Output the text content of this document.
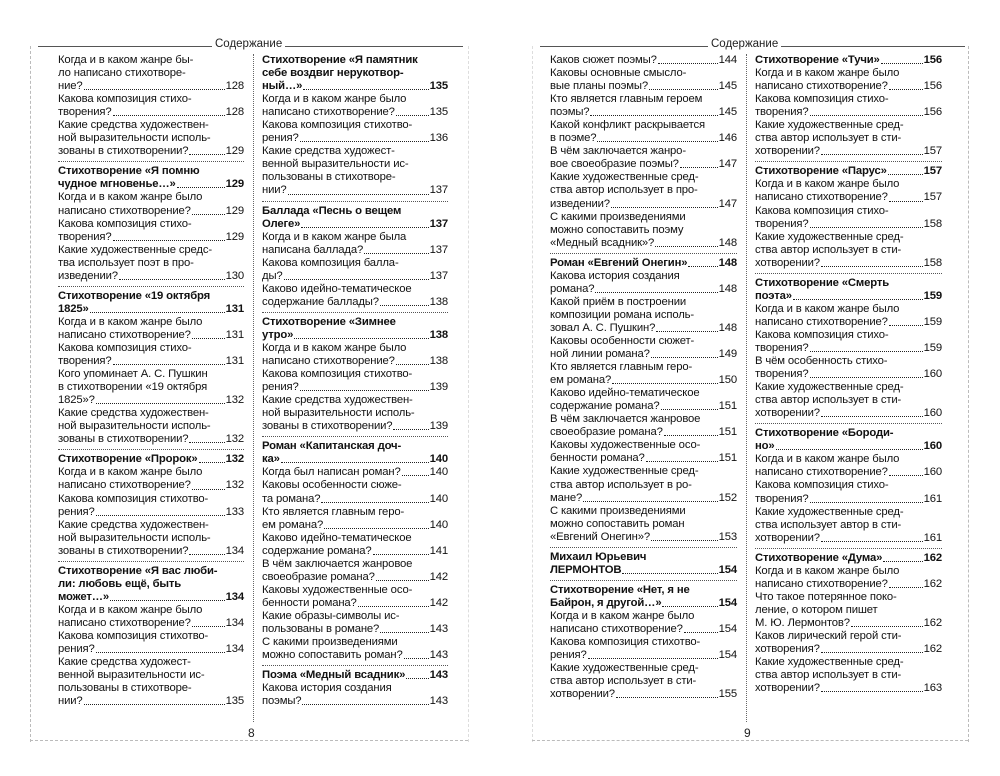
Содержание
Когда и в каком жанре бы-
ло написано стихотворе-
ние?	128
Какова композиция стихо-
творения?	128
Какие средства художествен-
ной выразительности исполь-
зованы в стихотворении?	129
Стихотворение «Я помню
чудное мгновенье…»	129
Когда и в каком жанре было
написано стихотворение?	129
Какова композиция стихо-
творения?	129
Какие художественные средс-
тва использует поэт в про-
изведении?	130
Стихотворение «19 октября
1825»	131
Когда и в каком жанре было
написано стихотворение?	131
Какова композиция стихо-
творения?	131
Кого упоминает А. С. Пушкин
в стихотворении «19 октября
1825»?	132
Какие средства художествен-
ной выразительности исполь-
зованы в стихотворении?	132
Стихотворение «Пророк» 132
Когда и в каком жанре было
написано стихотворение?	132
Какова композиция стихотво-
рения?	133
Какие средства художествен-
ной выразительности исполь-
зованы в стихотворении?	134
Стихотворение «Я вас люби-
ли: любовь ещё, быть
может…»	134
Когда и в каком жанре было
написано стихотворение?	134
Какова композиция стихотво-
рения?	134
Какие средства художест-
венной выразительности ис-
пользованы в стихотворе-
нии?	135
Стихотворение «Я памятник
себе воздвиг нерукотвор-
ный…»	135
Когда и в каком жанре было
написано стихотворение?	135
Какова композиция стихотво-
рения?	136
Какие средства художест-
венной выразительности ис-
пользованы в стихотворе-
нии?	137
Баллада «Песнь о вещем
Олеге»	137
Когда и в каком жанре была
написана баллада?	137
Какова композиция балла-
ды?	137
Каково идейно-тематическое
содержание баллады?	138
Стихотворение «Зимнее
утро»	138
Когда и в каком жанре было
написано стихотворение?	138
Какова композиция стихотво-
рения?	139
Какие средства художествен-
ной выразительности исполь-
зованы в стихотворении?	139
Роман «Капитанская доч-
ка»	140
Когда был написан роман?	140
Каковы особенности сюже-
та романа?	140
Кто является главным геро-
ем романа?	140
Каково идейно-тематическое
содержание романа?	141
В чём заключается жанровое
своеобразие романа?	142
Каковы художественные осо-
бенности романа?	142
Какие образы-символы ис-
пользованы в романе?	143
С какими произведениями
можно сопоставить роман? 143
Поэма «Медный всадник» 143
Какова история создания
поэмы?	143
8
Содержание
Каков сюжет поэмы?	144
Каковы основные смысло-
вые планы поэмы?	145
Кто является главным героем
поэмы?	145
Какой конфликт раскрывается
в поэме?	146
В чём заключается жанро-
вое своеобразие поэмы?	147
Какие художественные сред-
ства автор использует в про-
изведении?	147
С какими произведениями
можно сопоставить поэму
«Медный всадник»?	148
Роман «Евгений Онегин»	148
Какова история создания
романа?	148
Какой приём в построении
композиции романа исполь-
зовал А. С. Пушкин?	148
Каковы особенности сюжет-
ной линии романа?	149
Кто является главным геро-
ем романа?	150
Каково идейно-тематическое
содержание романа?	151
В чём заключается жанровое
своеобразие романа?	151
Каковы художественные осо-
бенности романа?	151
Какие художественные сред-
ства автор использует в ро-
мане?	152
С какими произведениями
можно сопоставить роман
«Евгений Онегин»?	153
Михаил Юрьевич
ЛЕРМОНТОВ	154
Стихотворение «Нет, я не
Байрон, я другой…»	154
Когда и в каком жанре было
написано стихотворение?	154
Какова композиция стихотво-
рения?	154
Какие художественные сред-
ства автор использует в сти-
хотворении?	155
Стихотворение «Тучи»	156
Когда и в каком жанре было
написано стихотворение?	156
Какова композиция стихо-
творения?	156
Какие художественные сред-
ства автор использует в сти-
хотворении?	157
Стихотворение «Парус»	157
Когда и в каком жанре было
написано стихотворение?	157
Какова композиция стихо-
творения?	158
Какие художественные сред-
ства автор использует в сти-
хотворении?	158
Стихотворение «Смерть
поэта»	159
Когда и в каком жанре было
написано стихотворение?	159
Какова композиция стихо-
творения?	159
В чём особенность стихо-
творения?	160
Какие художественные сред-
ства автор использует в сти-
хотворении?	160
Стихотворение «Бороди-
но»	160
Когда и в каком жанре было
написано стихотворение?	160
Какова композиция стихо-
творения?	161
Какие художественные сред-
ства использует автор в сти-
хотворении?	161
Стихотворение «Дума»	162
Когда и в каком жанре было
написано стихотворение?	162
Что такое потерянное поко-
ление, о котором пишет
М. Ю. Лермонтов?	162
Каков лирический герой сти-
хотворения?	162
Какие художественные сред-
ства автор использует в сти-
хотворении?	163
9
